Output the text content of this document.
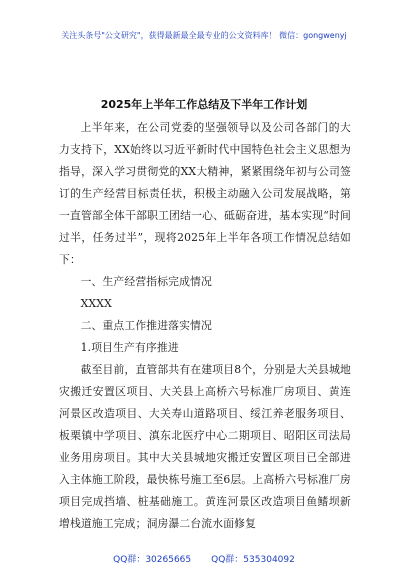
关注头条号"公文研究"，获得最新最全最专业的公文资料库！ 微信：gongwenyj
2025年上半年工作总结及下半年工作计划

上半年来，在公司党委的坚强领导以及公司各部门的大力支持下，XX始终以习近平新时代中国特色社会主义思想为指导，深入学习贯彻党的XX大精神，紧紧围绕年初与公司签订的生产经营目标责任状，积极主动融入公司发展战略，第一直管部全体干部职工团结一心、砥砺奋进，基本实现“时间过半，任务过半”，现将2025年上半年各项工作情况总结如下：

一、生产经营指标完成情况

XXXX

二、重点工作推进落实情况

1.项目生产有序推进

截至目前，直管部共有在建项目8个，分别是大关县城地灾搬迁安置区项目、大关县上高桥六号标准厂房项目、黄连河景区改造项目、大关寿山道路项目、绥江养老服务项目、板栗镇中学项目、滇东北医疗中心二期项目、昭阳区司法局业务用房项目。其中大关县城地灾搬迁安置区项目已全部进入主体施工阶段，最快栋号施工至6层。上高桥六号标准厂房项目完成挡墙、桩基础施工。黄连河景区改造项目鱼鳍坝新增栈道施工完成；洞房瀑二台流水面修复

QQ群：30265665 QQ群：535304092
